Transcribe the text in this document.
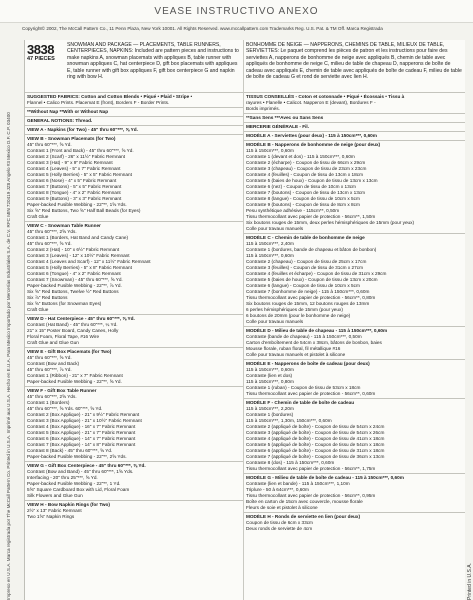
VEASE INSTRUCTIVO ANEXO
Copyright© 2002, The McCall Pattern Co., 11 Penn Plaza, New York 10001. All Rights Reserved. www.mccallpattern.com Trademarks Reg. U.S. Pat. & TM Off. Marca Registrada
Impreso en U.S.A. Marca registrada por The McCall Pattern Co. Printed in U.S.A. Imprimé aux U.S.A. Hecho en E.U.A. Para Mexico Importado por Mercerías Industriales S.A. de C.V. RFC MIN 720419 JZ8 Angelo #3 Mexico D.F. C.P. 03400
3838
47 PIECES
SNOWMAN AND PACKAGE — PLACEMENTS, TABLE RUNNERS, CENTERPIECES, NAPKINS: Included are pattern pieces and instructions to make napkins A, snowman placemats with appliques B, table runner with snowman appliques C, hat centerpiece D, gift box placemats with appliques E, table runner with gift box appliques F, gift box centerpiece G and napkin ring with bow H.
SUGGESTED FABRICS: Cotton and Cotton Blends • Piqué • Plaid • Stripe •
Flannel • Calico Prints. Placemat E (front), Borders F - Border Prints.
**Without Nap **With or Without Nap
GENERAL NOTIONS: Thread.
VIEW A - Napkins (for Two) - 45" thru 60"***, ⅝ Yd.
VIEW B - Snowman Placemats (for Two)
45" thru 60"***, ⅝ Yd.
Contrast 1 (Front and Back) - 45" thru 60"***, ⅝ Yd.
Contrast 2 (Scarf) - 26" x 11½" Fabric Remnant
Contrast 3 (Hat) - 9" x 9" Fabric Remnant
Contrast 4 (Leaves) - 5" x 7" Fabric Remnant
Contrast 5 (Holly Berries) - 5" x 5" Fabric Remnant
Contrast 6 (Nose) - 4" x 5" Fabric Remnant
Contrast 7 (Buttons) - 5" x 5" Fabric Remnant
Contrast 8 (Tongue) - 4" x 2" Fabric Remnant
Contrast 9 (Buttons) - 3" x 3" Fabric Remnant
Paper-backed Fusible Webbing - 22"**, 1⅝ Yds.
Six ⅝" Red Buttons, Two ⅝" Half Ball Beads (for Eyes)
Craft Glue
VIEW C - Snowman Table Runner
45" thru 60"***, 2⅝ Yds.
Contrast 1 (Borders, Hat Band and Candy Cane)
45" thru 60"***, ⅝ Yd.
Contrast 2 (Hat) - 10" x 6½" Fabric Remnant
Contrast 3 (Leaves) - 12" x 10½" Fabric Remnant
Contrast 4 (Leaves and Scarf) - 12" x 11½" Fabric Remnant
Contrast 5 (Holly Berries) - 5" x 8" Fabric Remnant
Contrast 6 (Tongue) - 4" x 2" Fabric Remnant
Contrast 7 (Snowman) - 45" thru 60"***, ⅝ Yd.
Paper-backed Fusible Webbing - 22"**, ⅞ Yd.
Six ⅝" Red Buttons, Twelve ½" Red Buttons
Six ⅞" Red Buttons
Six ⅝" Buttons (for Snowman Eyes)
Craft Glue
VIEW D - Hat Centerpiece - 45" thru 60"***, ⅝ Yd.
Contrast (Hat Band) - 45" thru 60"***, ¼ Yd.
21" x 15" Poster Board, Candy Canes, Holly
Floral Foam, Floral Tape, #16 Wire
Craft Glue and Glue Gun
VIEW E - Gift Box Placemats (for Two)
45" thru 60"***, ⅝ Yd.
Contrast (Bow and Back)
45" thru 60"***, ⅞ Yd.
Contrast 1 (Ribbon) - 21" x 7" Fabric Remnant
Paper-backed Fusible Webbing - 22"**, ⅝ Yd.
VIEW F - Gift Box Table Runner
45" thru 60"***, 2⅝ Yds.
Contrast 1 (Borders)
45" thru 60"***, ⅝ Yds. 60"***, ⅝ Yd.
Contrast 2 (Box Applique) - 21" x 9½" Fabric Remnant
Contrast 3 (Box Applique) - 21" x 10½" Fabric Remnant
Contrast 4 (Box Applique) - 16" x 7" Fabric Remnant
Contrast 5 (Box Applique) - 21" x 7" Fabric Remnant
Contrast 6 (Box Applique) - 14" x 7" Fabric Remnant
Contrast 7 (Box Applique) - 14" x 8" Fabric Remnant
Contrast 8 (Back) - 45" thru 60"***, ⅝ Yd.
Paper-backed Fusible Webbing - 22"**, 2⅝ Yds.
VIEW G - Gift Box Centerpiece - 45" thru 60"***, ⅝ Yd.
Contrast (Bow and Band) - 45" thru 60"***, 1⅝ Yds.
Interfacing - 20" thru 25"***, ⅝ Yd.
Paper-backed Fusible Webbing - 22"**, 1 Yd.
5⅝" Square Cardboard Box with Lid, Floral Foam
Silk Flowers and Glue Gun
VIEW H - Bow Napkin Rings (for Two)
2½" x 13" Fabric Remnant
Two 1⅝" Napkin Rings
BONHOMME DE NEIGE — NAPPERONS, CHEMINS DE TABLE, MILIEUX DE TABLE, SERVIETTES: Le paquet comprend les pièces de patron et les instructions pour faire des serviettes A, napperons de bonhomme de neige avec appliqués B, chemin de table avec appliqués de bonhomme de neige C, milieu de table de chapeau D, napperons de boîte de cadeau avec appliqués E, chemin de table avec appliqués de boîte de cadeau F, milieu de table de boîte de cadeau G et rond de serviette avec lien H.
TISSUS CONSEILLÉS - Coton et cotonnade • Piqué • Écossais • Tissu à
rayures • Flanelle • Calicot. Napperon E (devant), Bordures F -
Bords imprimés.
**Sans Sens ***Avec ou Sans Sens
MERCERIE GÉNÉRALE - Fil.
MODÈLE A - Serviettes (pour deux) - 115 à 150cm***, 0,60m
MODÈLE B - Napperons de bonhomme de neige (pour deux)
115 à 150cm***, 0,60m
Contraste 1 (devant et dos) - 115 à 150cm***, 0,60m
Contraste 2 (écharpe) - Coupon de tissu de 66cm x 29cm
Contraste 3 (chapeau) - Coupon de tissu de 23cm x 23cm
Contraste 4 (feuilles) - Coupon de tissu de 13cm x 18cm
Contraste 5 (baies de houx) - Coupon de tissu de 13cm x 13cm
Contraste 6 (nez) - Coupon de tissu de 10cm x 13cm
Contraste 7 (boutons) - Coupon de tissu de 13cm x 13cm
Contraste 8 (langue) - Coupon de tissu de 10cm x 5cm
Contraste 9 (boutons) - Coupon de tissu de 8cm x 8cm
Pesu synthétique adhésive - 115cm**, 0,50m
Tissu thermocollant avec papier de protection - 56cm**, 1,50m
Six boutons rouges de 15mm, deux perles hémisphériques de 15mm (pour yeux)
Colle pour travaux manuels
MODÈLE C - Chemin de table de bonhomme de neige
115 à 150cm***, 2,40m
Contraste 1 (bordures, bande de chapeau et bâton de bonbon)
115 à 150cm***, 0,60m
Contraste 2 (chapeau) - Coupon de tissu de 25cm x 17cm
Contraste 3 (feuilles) - Coupon de tissu de 31cm x 27cm
Contraste 4 (feuilles et écharpe) - Coupon de tissu de 31cm x 29cm
Contraste 5 (baies de houx) - Coupon de tissu de 13cm x 20cm
Contraste 6 (langue) - Coupon de tissu de 10cm x 5cm
Contraste 7 (bonhomme de neige) - 115 à 150cm***, 0,60m
Tissu thermocollant avec papier de protection - 56cm**, 0,80m
Six boutons rouges de 15mm, 12 boutons rouges de 13mm
6 perles hémisphériques de 15mm (pour yeux)
6 boutons de 20mm (pour le bonhomme de neige)
Colle pour travaux manuels
MODÈLE D - Milieu de table de chapeau - 115 à 150cm***, 0,60m
Contraste (bande de chapeau) - 115 à 150cm***, 0,50m
Carton d'emboîtement de 54cm x 38cm, bâtons de bonbon, baies
Mousse florale, ruban floral, fil métallique #16
Colle pour travaux manuels et pistolet à silicone
MODÈLE E - Napperons de boîte de cadeau (pour deux)
115 à 150cm***, 0,60m
Contraste (lien et dos)
115 à 150cm***, 0,80m
Contraste 1 (ruban) - Coupon de tissu de 53cm x 18cm
Tissu thermocollant avec papier de protection - 56cm**, 0,60m
MODÈLE F - Chemin de table de boîte de cadeau
115 à 150cm***, 2,20m
Contraste 1 (bordures)
115 à 150cm***, 1,30m, 150cm***, 0,60m
Contraste 2 (appliqué de boîte) - Coupon de tissu de 54cm x 24cm
Contraste 3 (appliqué de boîte) - Coupon de tissu de 54cm x 26cm
Contraste 4 (appliqué de boîte) - Coupon de tissu de 41cm x 18cm
Contraste 5 (appliqué de boîte) - Coupon de tissu de 54cm x 18cm
Contraste 6 (appliqué de boîte) - Coupon de tissu de 31cm x 18cm
Contraste 7 (appliqué de boîte) - Coupon de tissu de 36cm x 13cm
Contraste 8 (dos) - 115 à 150cm***, 0,60m
Tissu thermocollant avec papier de protection - 56cm**, 1,75m
MODÈLE G - Milieu de table de boîte de cadeau - 115 à 150cm***, 0,60m
Contraste (lien et bande) - 115 à 150cm***, 1,10m
Triplure - 50 à 64cm***, 0,60m
Tissu thermocollant avec papier de protection - 56cm**, 0,95m
Boîte en carton de 15cm avec couvercle, mousse florale
Fleurs de soie et pistolet à silicone
MODÈLE H - Ronds de serviette en lien (pour deux)
Coupon de tissu de 6cm x 33cm
Deux ronds de serviette de 4cm
Printed in U.S.A.
